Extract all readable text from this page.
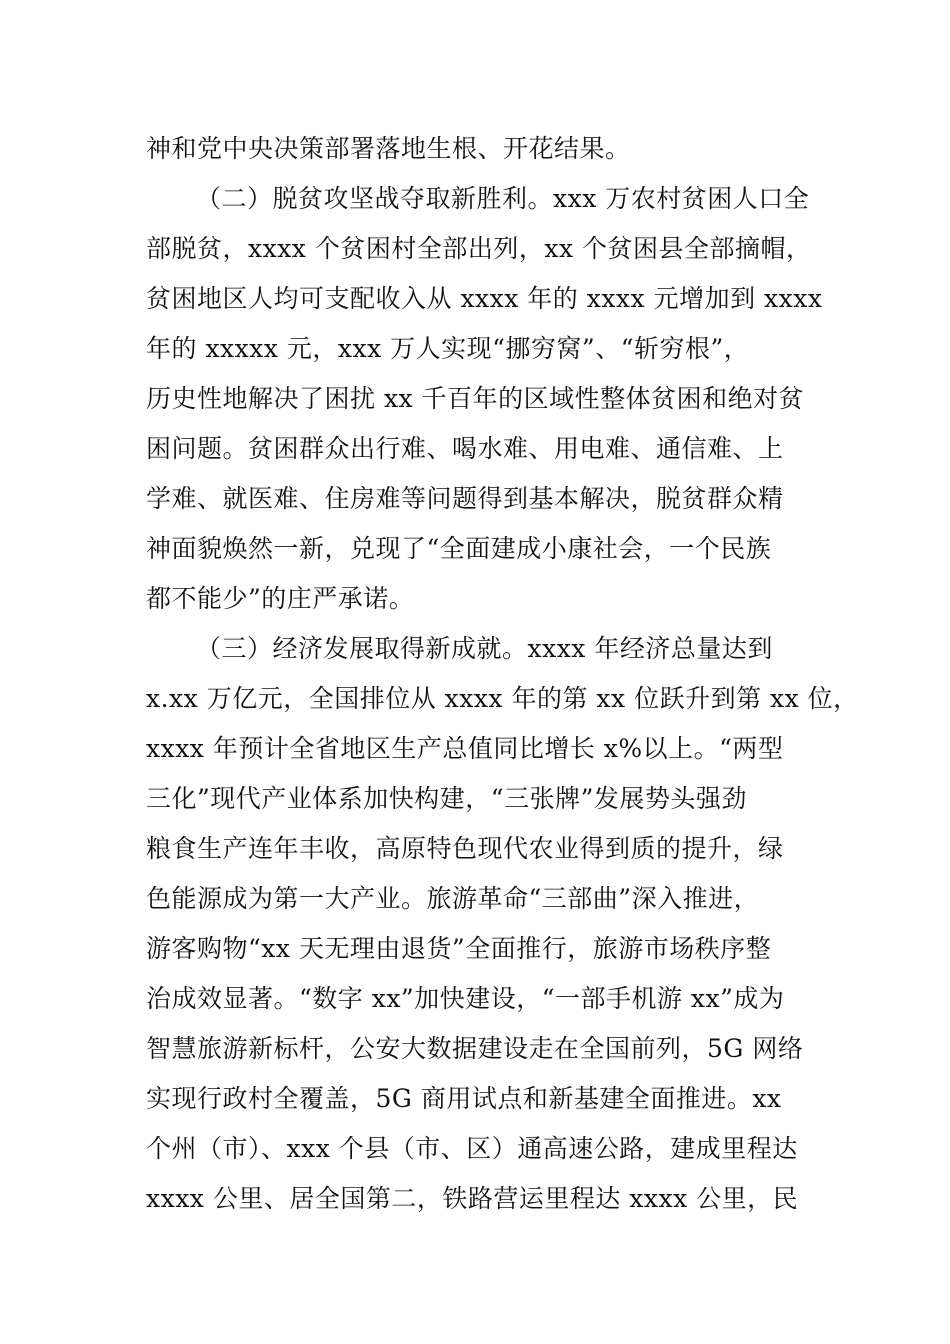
神和党中央决策部署落地生根、开花结果。
（二）脱贫攻坚战夺取新胜利。xxx 万农村贫困人口全
部脱贫，xxxx 个贫困村全部出列，xx 个贫困县全部摘帽，
贫困地区人均可支配收入从 xxxx 年的 xxxx 元增加到 xxxx
年的 xxxxx 元，xxx 万人实现“挪穷窝”、“斩穷根”，
历史性地解决了困扰 xx 千百年的区域性整体贫困和绝对贫
困问题。贫困群众出行难、喝水难、用电难、通信难、上
学难、就医难、住房难等问题得到基本解决，脱贫群众精
神面貌焕然一新，兑现了“全面建成小康社会，一个民族
都不能少”的庄严承诺。
（三）经济发展取得新成就。xxxx 年经济总量达到
x.xx 万亿元，全国排位从 xxxx 年的第 xx 位跃升到第 xx 位，
xxxx 年预计全省地区生产总值同比增长 x%以上。“两型
三化”现代产业体系加快构建，“三张牌”发展势头强劲
粮食生产连年丰收，高原特色现代农业得到质的提升，绿
色能源成为第一大产业。旅游革命“三部曲”深入推进，
游客购物“xx 天无理由退货”全面推行，旅游市场秩序整
治成效显著。“数字 xx”加快建设，“一部手机游 xx”成为
智慧旅游新标杆，公安大数据建设走在全国前列，5G 网络
实现行政村全覆盖，5G 商用试点和新基建全面推进。xx
个州（市）、xxx 个县（市、区）通高速公路，建成里程达
xxxx 公里、居全国第二，铁路营运里程达 xxxx 公里，民
